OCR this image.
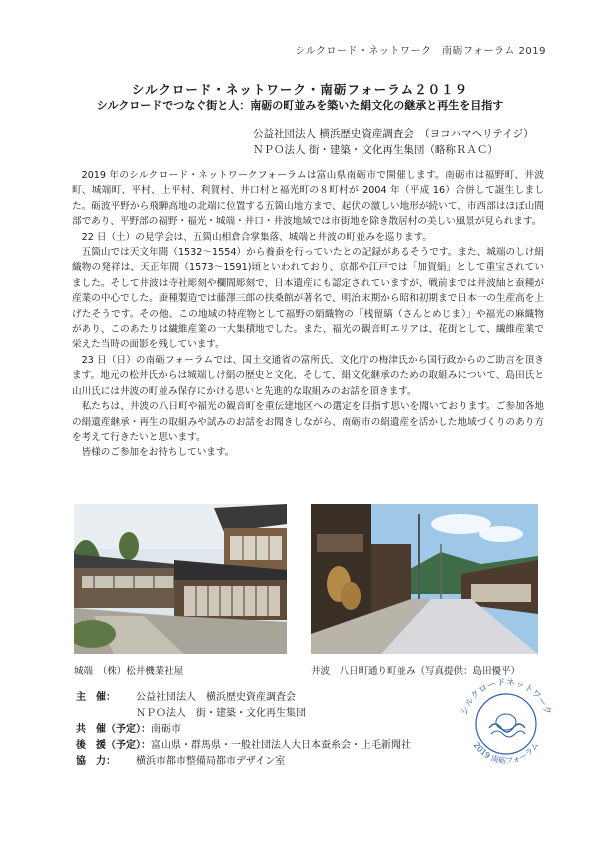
シルクロード・ネットワーク　南砺フォーラム 2019
シルクロード・ネットワーク・南砺フォーラム２０１９
シルクロードでつなぐ街と人：南砺の町並みを築いた絹文化の継承と再生を目指す
公益社団法人 横浜歴史資産調査会　（ヨコハマヘリテイジ）
ＮＰＯ法人 街・建築・文化再生集団（略称ＲＡＣ）

2019 年のシルクロード・ネットワークフォーラムは富山県南砺市で開催します。南砺市は福野町、井波町、城端町、平村、上平村、利賀村、井口村と福光町の８町村が 2004 年（平成 16）合併して誕生しました。砺波平野から飛騨高地の北端に位置する五箇山地方まで、起伏の激しい地形が続いて、市西部はほぼ山間部であり、平野部の福野・福光・城端・井口・井波地域では市街地を除き散居村の美しい風景が見られます。

22 日（土）の見学会は、五箇山相倉合掌集落、城端と井波の町並みを巡ります。

五箇山では天文年間（1532～1554）から養蚕を行っていたとの記録があるそうです。また、城端のしけ絹織物の発祥は、天正年間（1573～1591)頃といわれており、京都や江戸では「加賀絹」として重宝されていました。そして井波は寺社彫刻や欄間彫刻で、日本遺産にも認定されていますが、戦前までは井波紬と蚕種が産業の中心でした。蚕種製造では藤澤三郎の扶桑館が著名で、明治末期から昭和初期まで日本一の生産高を上げたそうです。その他、この地域の特産物として福野の絹織物の「桟留縞（さんとめじま）」や福光の麻織物があり、このあたりは繊維産業の一大集積地でした。また、福光の観音町エリアは、花街として、繊維産業で栄えた当時の面影を残しています。

23 日（日）の南砺フォーラムでは、国土交通省の富所氏、文化庁の梅津氏から国行政からのご助言を頂きます。地元の松井氏からは城端しけ絹の歴史と文化、そして、絹文化継承のための取組みについて、島田氏と山川氏には井波の町並み保存にかける思いと先進的な取組みのお話を頂きます。

私たちは、井波の八日町や福光の観音町を重伝建地区への選定を目指す思いを聞いております。ご参加各地の絹遺産継承・再生の取組みや試みのお話をお聞きしながら、南砺市の絹遺産を活かした地域づくりのあり方を考えて行きたいと思います。

皆様のご参加をお待ちしています。

城端　（株）松井機業社屋	井波　八日町通り町並み（写真提供：島田優平）
主　催：	公益社団法人　横浜歴史資産調査会
ＮＰＯ法人　街・建築・文化再生集団
共　催（予定）： 南砺市
後　援（予定）： 富山県・群馬県・一般社団法人大日本蚕糸会・上毛新聞社
協　力：	横浜市都市整備局都市デザイン室
シルクロードネットワーク
2019 南砺フォーラム
